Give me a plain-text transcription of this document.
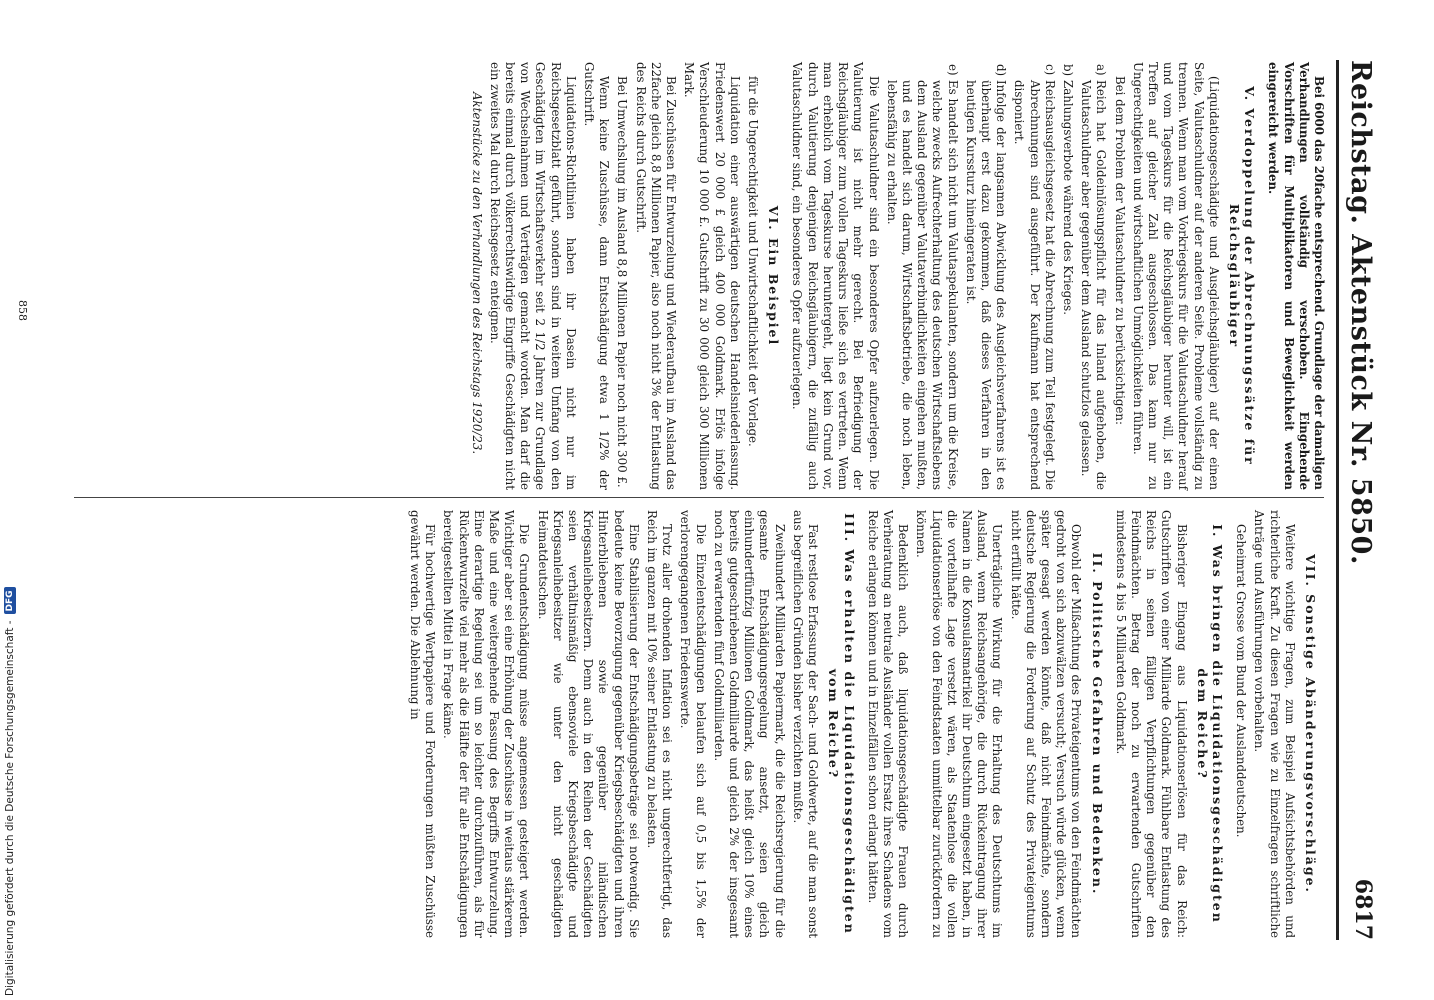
Reichstag. Aktenstück Nr. 5850.
6817

Bei 6000 das 20fache entsprechend. Grundlage der damaligen Verhandlungen vollständig verschoben. Eingehende Vorschriften für Multiplikatoren und Beweglichkeit werden eingereicht werden.

V. Verdoppelung der Abrechnungssätze für Reichsgläubiger

(Liquidationsgeschädigte und Ausgleichsgläubiger) auf der einen Seite, Valutaschuldner auf der anderen Seite. Probleme vollständig zu trennen. Wenn man vom Vorkriegskurs für die Valutaschuldner herauf und vom Tageskurs für die Reichsgläubiger herunter will, ist ein Treffen auf gleicher Zahl ausgeschlossen. Das kann nur zu Ungerechtigkeiten und wirtschaftlichen Unmöglichkeiten führen.

Bei dem Problem der Valutaschuldner zu berücksichtigen:

a)Reich hat Goldeinlösungspflicht für das Inland aufgehoben, die Valutaschuldner aber gegenüber dem Ausland schutzlos gelassen.

b)Zahlungsverbote während des Krieges.

c)Reichsausgleichsgesetz hat die Abrechnung zum Teil festgelegt. Die Abrechnungen sind ausgeführt. Der Kaufmann hat entsprechend disponiert.

d)Infolge der langsamen Abwicklung des Ausgleichsverfahrens ist es überhaupt erst dazu gekommen, daß dieses Verfahren in den heutigen Kurssturz hineingeraten ist.

e)Es handelt sich nicht um Valutaspekulanten, sondern um die Kreise, welche zwecks Aufrechterhaltung des deutschen Wirtschaftslebens dem Ausland gegenüber Valutaverbindlichkeiten eingehen mußten, und es handelt sich darum, Wirtschaftsbetriebe, die noch leben, lebensfähig zu erhalten.

Die Valutaschuldner sind ein besonderes Opfer aufzuerlegen. Die Valutierung ist nicht mehr gerecht. Bei Befriedigung der Reichsgläubiger zum vollen Tageskurs ließe sich es vertreten. Wenn man erheblich vom Tageskurse heruntergeht, liegt kein Grund vor, durch Valutierung denjenigen Reichsgläubigern, die zufällig auch Valutaschuldner sind, ein besonderes Opfer aufzuerlegen.

VI. Ein Beispiel

für die Ungerechtigkeit und Unwirtschaftlichkeit der Vorlage.

Liquidation einer auswärtigen deutschen Handelsniederlassung. Friedenswert 20 000 £ gleich 400 000 Goldmark. Erlös infolge Verschleuderung 10 000 £. Gutschrift zu 30 000 gleich 300 Millionen Mark.

Bei Zuschüssen für Entwurzelung und Wiederaufbau im Ausland das 22fache gleich 8,8 Millionen Papier, also noch nicht 3% der Entlastung des Reichs durch Gutschrift.

Bei Umwechslung im Ausland 8,8 Millionen Papier noch nicht 300 £.

Wenn keine Zuschüsse, dann Entschädigung etwa 1 1/2% der Gutschrift.

Liquidations-Richtlinien haben ihr Dasein nicht nur im Reichsgesetzblatt geführt, sondern sind in weitem Umfang von den Geschädigten im Wirtschaftsverkehr seit 2 1/2 Jahren zur Grundlage von Wechselnahmen und Verträgen gemacht worden. Man darf die bereits einmal durch völkerrechtswidrige Eingriffe Geschädigten nicht ein zweites Mal durch Reichsgesetz enteignen.

Aktenstücke zu den Verhandlungen des Reichstags 1920/23.

VII. Sonstige Abänderungsvorschläge.

Weitere wichtige Fragen, zum Beispiel Aufsichtsbehörden und richterliche Kraft. Zu diesen Fragen wie zu Einzelfragen schriftliche Anträge und Ausführungen vorbehalten.

Geheimrat Grosse vom Bund der Auslanddeutschen.

I. Was bringen die Liquidationsgeschädigten dem Reiche?

Bisheriger Eingang aus Liquidationserlösen für das Reich: Gutschriften von einer Milliarde Goldmark. Fühlbare Entlastung des Reichs in seinen fälligen Verpflichtungen gegenüber den Feindmächten. Betrag der noch zu erwartenden Gutschriften mindestens 4 bis 5 Milliarden Goldmark.

II. Politische Gefahren und Bedenken.

Obwohl der Mißachtung des Privateigentums von den Feindmächten gedroht von sich abzuwälzen versucht; Versuch würde glücken, wenn später gesagt werden könnte, daß nicht Feindmächte, sondern deutsche Regierung die Forderung auf Schutz des Privateigentums nicht erfüllt hätte.

Unerträgliche Wirkung für die Erhaltung des Deutschtums im Ausland, wenn Reichsangehörige, die durch Rückeintragung ihrer Namen in die Konsulatsmatrikel ihr Deutschtum eingesetzt haben, in die vorteilhafte Lage versetzt wären, als Staatenlose die vollen Liquidationserlöse von den Feindstaaten unmittelbar zurückfordern zu können.

Bedenklich auch, daß liquidationsgeschädigte Frauen durch Verheiratung an neutrale Ausländer vollen Ersatz ihres Schadens vom Reiche erlangen können und in Einzelfällen schon erlangt hätten.

III. Was erhalten die Liquidationsgeschädigten vom Reiche?

Fast restlose Erfassung der Sach- und Goldwerte, auf die man sonst aus begreiflichen Gründen bisher verzichten mußte.

Zweihundert Milliarden Papiermark, die die Reichsregierung für die gesamte Entschädigungsregelung ansetzt, seien gleich einhundertfünfzig Millionen Goldmark, das heißt gleich 10% eines bereits gutgeschriebenen Goldmilliarde und gleich 2% der insgesamt noch zu erwartenden fünf Goldmilliarden.

Die Einzelentschädigungen belaufen sich auf 0,5 bis 1,5% der verlorengegangenen Friedenswerte.

Trotz aller drohenden Inflation sei es nicht ungerechtfertigt, das Reich im ganzen mit 10% seiner Entlastung zu belasten.

Eine Stabilisierung der Entschädigungsbeträge sei notwendig. Sie bedeute keine Bevorzugung gegenüber Kriegsbeschädigten und ihren Hinterbliebenen sowie gegenüber inländischen Kriegsanleihebesitzern. Denn auch in den Reihen der Geschädigten seien verhältnismäßig ebensoviele Kriegsbeschädigte und Kriegsanleihebesitzer wie unter den nicht geschädigten Heimatdeutschen.

Die Grundentschädigung müsse angemessen gesteigert werden. Wichtiger aber sei eine Erhöhung der Zuschüsse in weitaus stärkerem Maße und eine weitergehende Fassung des Begriffs Entwurzelung. Eine derartige Regelung sei um so leichter durchzuführen, als für Rückentwurzelte viel mehr als die Hälfte der für alle Entschädigungen bereitgestellten Mittel in Frage käme.

Für hochwertige Wertpapiere und Forderungen müßten Zuschüsse gewährt werden. Die Ablehnung in

858
Digitalisierung gefördert durch die Deutsche Forschungsgemeinschaft -
DFG
